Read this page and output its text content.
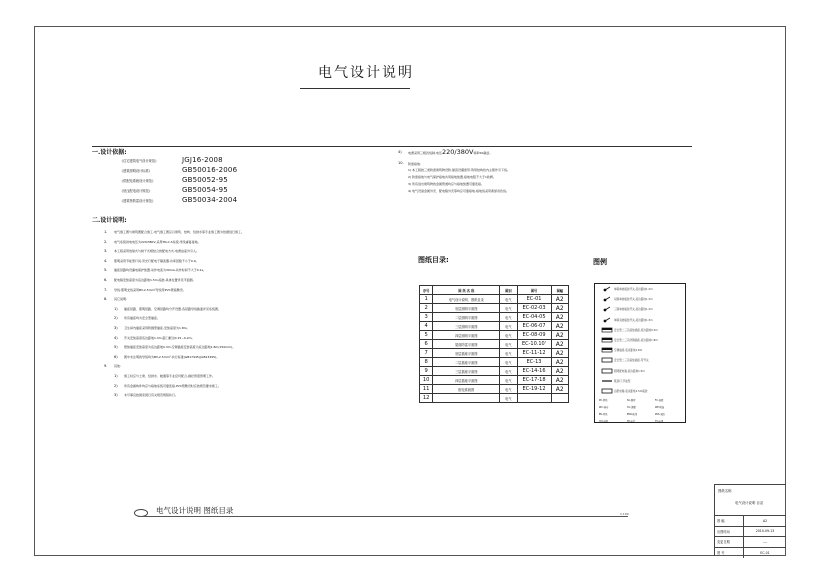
电气设计说明
一.设计依据:
《住宅建筑电气设计规范》	JGJ16-2008
《建筑照明设计标准》	GB50016-2006
《供配电系统设计规范》	GB50052-95
《低压配电设计规范》	GB50054-95
《建筑物防雷设计规范》	GB50034-2004
二.设计说明:
1.	电气施工图与建筑图配合施工,电气施工图应以建筑、结构、给排水等专业施工图为依据进行施工。
2.	电气系统供电电压为220/380V,采用TN-C-S系统,零线重复接地。
3.	本工程采用放射式与树干式相结合的配电方式,电源由室外引入。
4.	照明采用节能型灯具,荧光灯配电子镇流器,功率因数不小于0.9。
5.	插座回路均设漏电保护装置,动作电流为30mA,动作时间不大于0.1s。
6.	配电箱安装高度为底边距地1.5m,暗装,具体位置详见平面图。
7.	导线:照明支线采用BV-2.5mm²导线穿PVC管暗敷设。
8.	其它说明:
1)	插座回路、照明回路、空调回路均分开设置,各回路导线截面详见系统图。
2)	所有插座均为安全型插座。
3)	卫生间内插座采用防溅型插座,安装高度为1.8m。
4)	开关安装高度底边距地1.3m,距门框边0.15~0.2m。
5)	壁装插座安装高度为底边距地0.3m,空调插座安装高度为底边距地1.8m(150mm)。
6)	图中未注明的导线均为BV-2.5mm²,执行标准(GB17945)(GB13495)。
9.	其他:
1)	施工时应与土建、给排水、暖通等专业密切配合,做好预留预埋工作。
2)	所有金属构件均应与接地系统可靠连接,PVC管敷设时应按规范要求施工。
3)	未尽事宜按国家现行有关规范规程执行。
4)	电源采用三相四线制,电压220/380V频率50赫兹。
10.	防雷接地:
1) 本工程按三类防雷建筑物设防,屋顶设避雷带,利用结构柱内主筋作引下线。
2) 防雷接地与电气保护接地共用接地装置,接地电阻不大于1欧姆。
3) 所有进出建筑物的金属管道均应与接地装置可靠连接。
4) 电气设备金属外壳、配电箱外壳等均应可靠接地,接地线采用黄绿双色线。
图纸目录:
序号	图 纸 名 称	图别	图号	图幅
1	电气设计说明、图纸目录	电气	EC-01	A2
2	底层照明平面图	电气	EC-02-03	A2
3	二层照明平面图	电气	EC-04-05	A2
4	三层照明平面图	电气	EC-06-07	A2
5	四层照明平面图	电气	EC-08-09	A2
6	屋面防雷平面图	电气	EC-10.10'	A2
7	底层插座平面图	电气	EC-11-12	A2
8	二层插座平面图	电气	EC-13	A2
9	三层插座平面图	电气	EC-14-16	A2
10	四层插座平面图	电气	EC-17-18	A2
11	配电系统图	电气	EC-19-12	A2
12		电气		
图例
单联单控暗装开关,底边距地1.3m
双联单控暗装开关,底边距地1.3m
三联单控暗装开关,底边距地1.3m
单联双控暗装开关,底边距地1.3m
安全型二三孔暗装插座,底边距地0.3m
安全型二三孔防溅插座,底边距地1.8m
空调插座,底边距地1.8m
安全型二三孔暗装插座,带开关
照明配电箱,底边距地1.5m
吸顶灯,节能型
总配电箱,底边距地1.5m暗装
PC-管线	SC-钢管	FC-地面
WC-墙内	CC-顶棚	WE-明装
BV-导线	BVR-软线	RVS-双绞
YJV-电缆	TP-电话	TV-电视
电气设计说明 图纸目录	1:100
图纸名称
电气设计说明 目录
图 幅	A2
出图时间	2010-09-13
变更日期	----
图 号	EC-01
